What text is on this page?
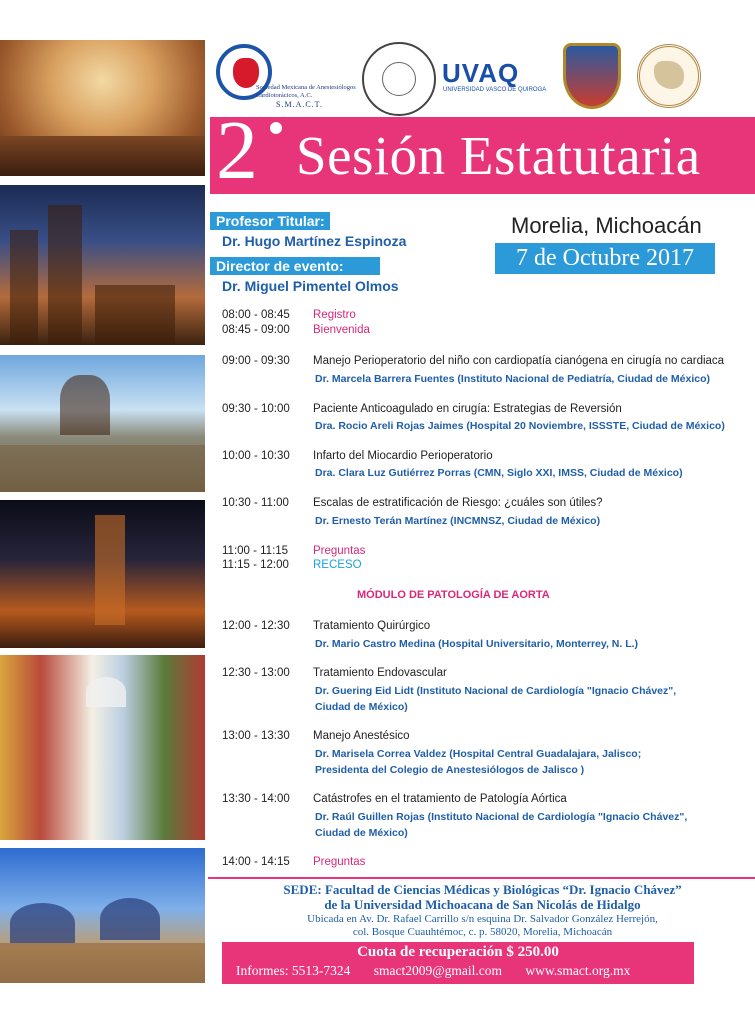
Sociedad Mexicana de Anestesiólogos Cardiotorácicos, A.C.
S.M.A.C.T.
UVAQ
UNIVERSIDAD VASCO DE QUIROGA
2 Sesión Estatutaria
Profesor Titular:
Dr. Hugo Martínez Espinoza
Director de evento:
Dr. Miguel Pimentel Olmos
Morelia, Michoacán
7 de Octubre 2017
08:00 - 08:45 Registro
08:45 - 09:00 Bienvenida
09:00 - 09:30 Manejo Perioperatorio del niño con cardiopatía cianógena en cirugía no cardiaca
Dr. Marcela Barrera Fuentes (Instituto Nacional de Pediatría, Ciudad de México)
09:30 - 10:00 Paciente Anticoagulado en cirugía: Estrategias de Reversión
Dra. Rocio Areli Rojas Jaimes (Hospital 20 Noviembre, ISSSTE, Ciudad de México)
10:00 - 10:30 Infarto del Miocardio Perioperatorio
Dra. Clara Luz Gutiérrez Porras (CMN, Siglo XXI, IMSS, Ciudad de México)
10:30 - 11:00 Escalas de estratificación de Riesgo: ¿cuáles son útiles?
Dr. Ernesto Terán Martínez (INCMNSZ, Ciudad de México)
11:00 - 11:15 Preguntas
11:15 - 12:00 RECESO
MÓDULO DE PATOLOGÍA DE AORTA
12:00 - 12:30 Tratamiento Quirúrgico
Dr. Mario Castro Medina (Hospital Universitario, Monterrey, N. L.)
12:30 - 13:00 Tratamiento Endovascular
Dr. Guering Eid Lidt (Instituto Nacional de Cardiología "Ignacio Chávez", Ciudad de México)
13:00 - 13:30 Manejo Anestésico
Dr. Marisela Correa Valdez (Hospital Central Guadalajara, Jalisco; Presidenta del Colegio de Anestesiólogos de Jalisco )
13:30 - 14:00 Catástrofes en el tratamiento de Patología Aórtica
Dr. Raúl Guillen Rojas (Instituto Nacional de Cardiología "Ignacio Chávez", Ciudad de México)
14:00 - 14:15 Preguntas
SEDE: Facultad de Ciencias Médicas y Biológicas “Dr. Ignacio Chávez”
de la Universidad Michoacana de San Nicolás de Hidalgo
Ubicada en Av. Dr. Rafael Carrillo s/n esquina Dr. Salvador González Herrejón,
col. Bosque Cuauhtémoc, c. p. 58020, Morelia, Michoacán
Cuota de recuperación $ 250.00
Informes: 5513-7324 smact2009@gmail.com www.smact.org.mx
